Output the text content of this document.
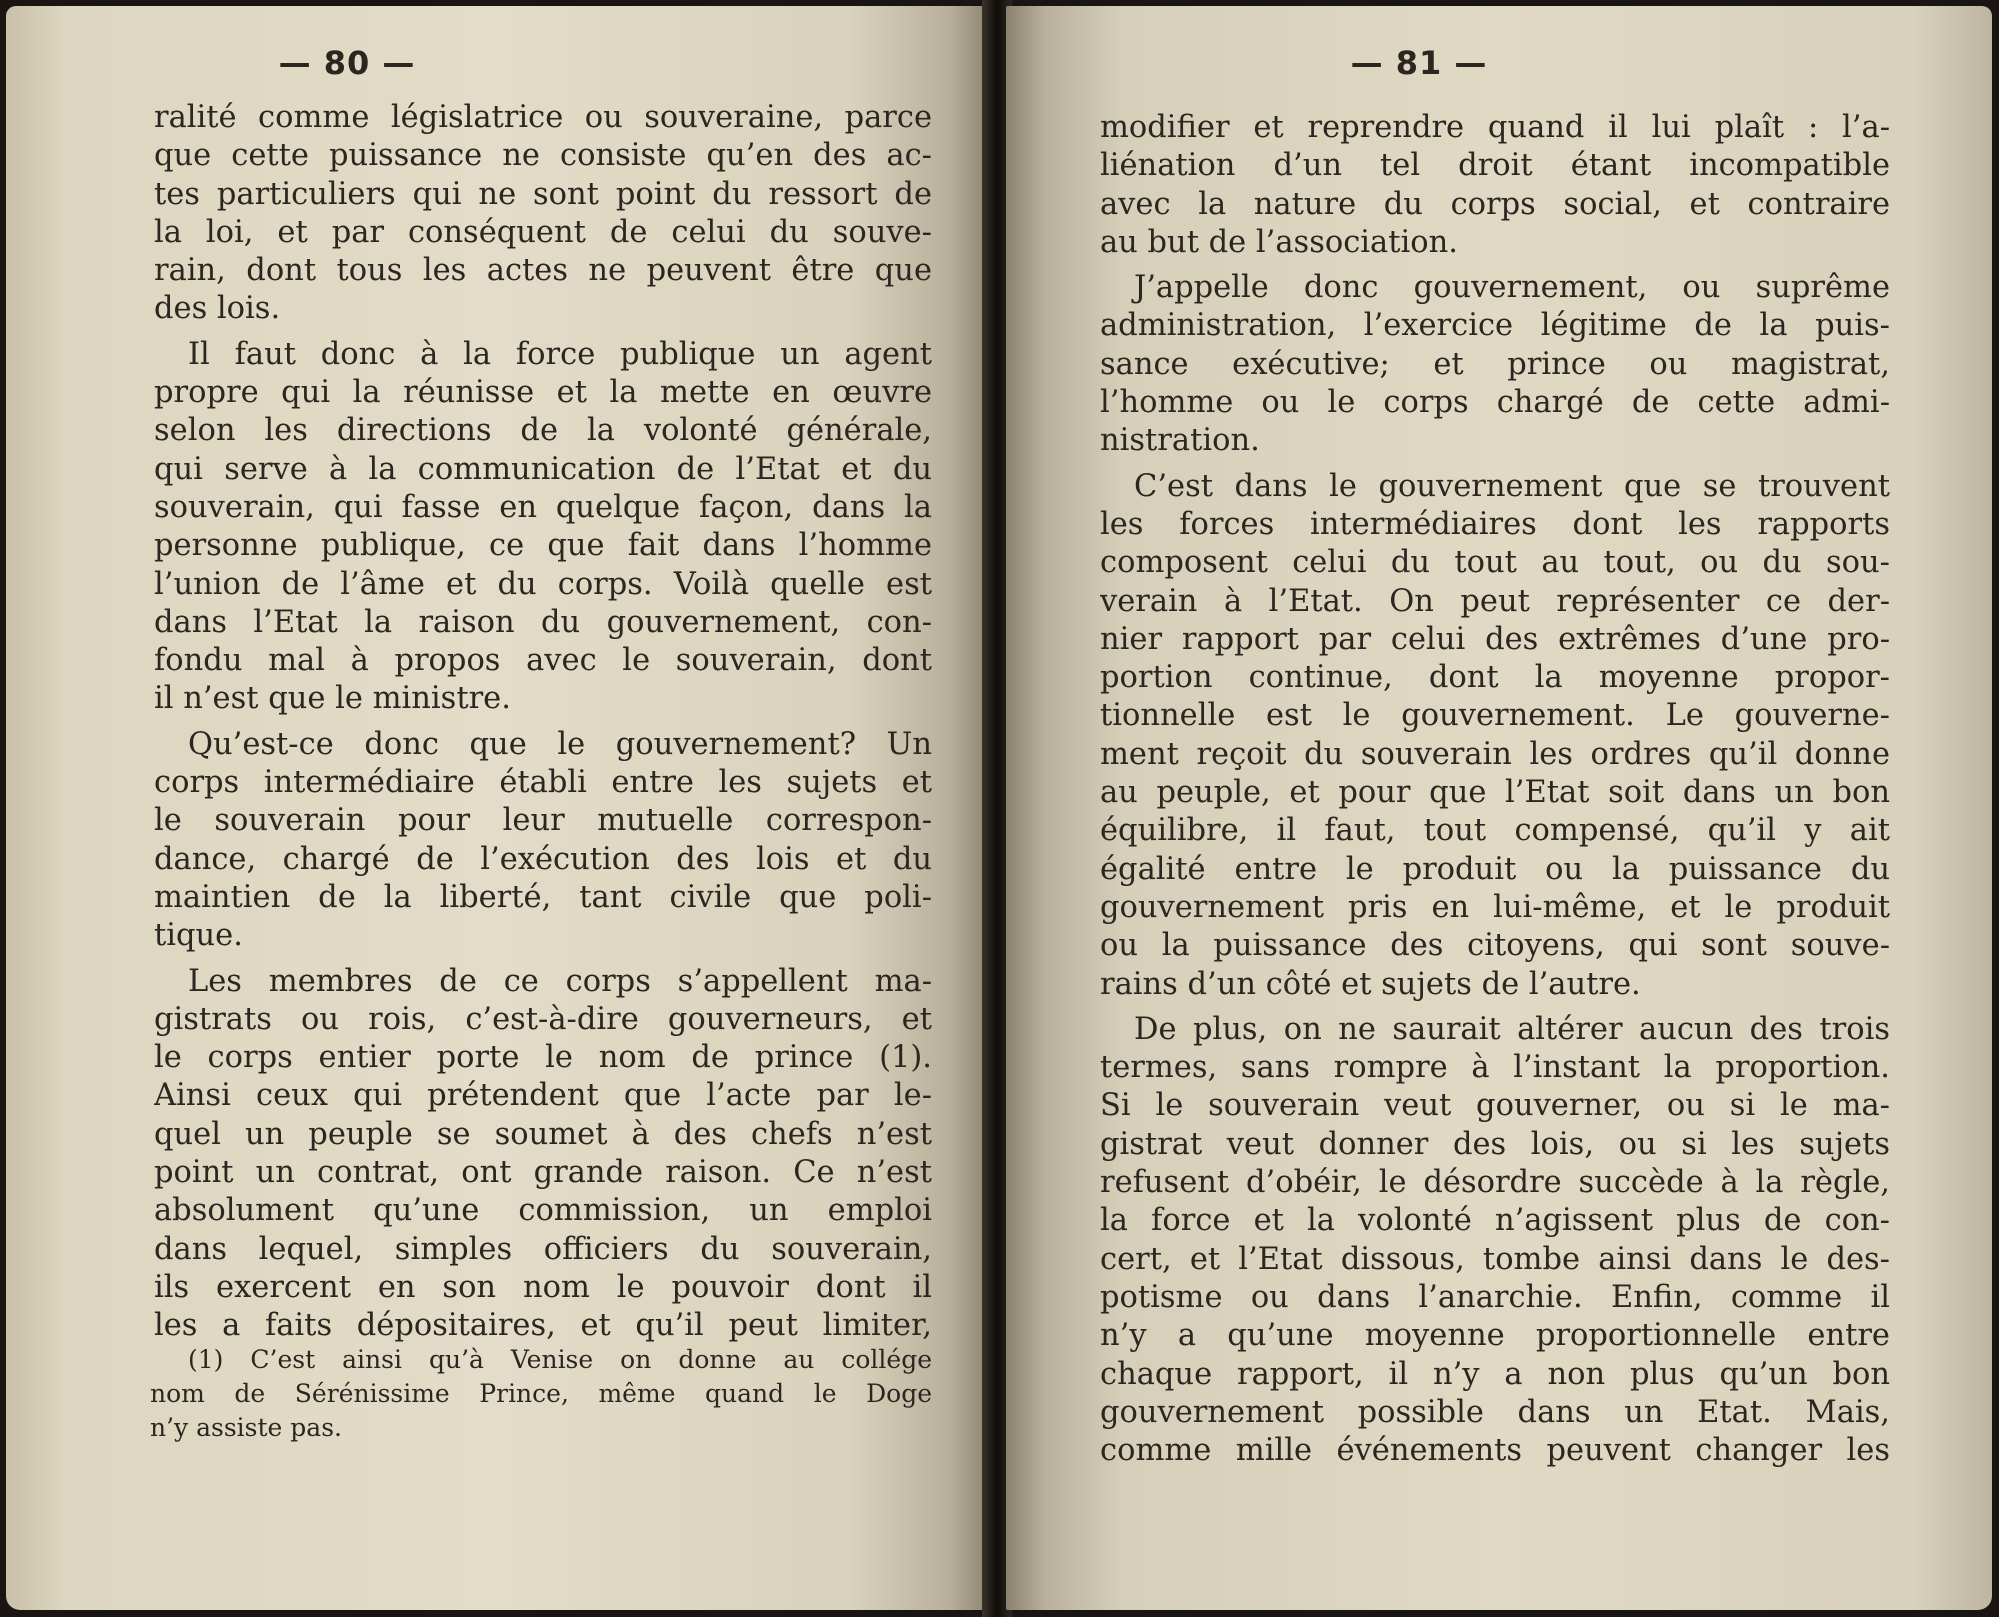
— 80 —
ralité comme législatrice ou souveraine, parce
que cette puissance ne consiste qu’en des ac-
tes particuliers qui ne sont point du ressort de
la loi, et par conséquent de celui du souve-
rain, dont tous les actes ne peuvent être que
des lois.
Il faut donc à la force publique un agent
propre qui la réunisse et la mette en œuvre
selon les directions de la volonté générale,
qui serve à la communication de l’Etat et du
souverain, qui fasse en quelque façon, dans la
personne publique, ce que fait dans l’homme
l’union de l’âme et du corps. Voilà quelle est
dans l’Etat la raison du gouvernement, con-
fondu mal à propos avec le souverain, dont
il n’est que le ministre.
Qu’est-ce donc que le gouvernement? Un
corps intermédiaire établi entre les sujets et
le souverain pour leur mutuelle correspon-
dance, chargé de l’exécution des lois et du
maintien de la liberté, tant civile que poli-
tique.
Les membres de ce corps s’appellent ma-
gistrats ou rois, c’est-à-dire gouverneurs, et
le corps entier porte le nom de prince (1).
Ainsi ceux qui prétendent que l’acte par le-
quel un peuple se soumet à des chefs n’est
point un contrat, ont grande raison. Ce n’est
absolument qu’une commission, un emploi
dans lequel, simples officiers du souverain,
ils exercent en son nom le pouvoir dont il
les a faits dépositaires, et qu’il peut limiter,
(1) C’est ainsi qu’à Venise on donne au collége
nom de Sérénissime Prince, même quand le Doge
n’y assiste pas.
— 81 —
modifier et reprendre quand il lui plaît : l’a-
liénation d’un tel droit étant incompatible
avec la nature du corps social, et contraire
au but de l’association.
J’appelle donc gouvernement, ou suprême
administration, l’exercice légitime de la puis-
sance exécutive; et prince ou magistrat,
l’homme ou le corps chargé de cette admi-
nistration.
C’est dans le gouvernement que se trouvent
les forces intermédiaires dont les rapports
composent celui du tout au tout, ou du sou-
verain à l’Etat. On peut représenter ce der-
nier rapport par celui des extrêmes d’une pro-
portion continue, dont la moyenne propor-
tionnelle est le gouvernement. Le gouverne-
ment reçoit du souverain les ordres qu’il donne
au peuple, et pour que l’Etat soit dans un bon
équilibre, il faut, tout compensé, qu’il y ait
égalité entre le produit ou la puissance du
gouvernement pris en lui-même, et le produit
ou la puissance des citoyens, qui sont souve-
rains d’un côté et sujets de l’autre.
De plus, on ne saurait altérer aucun des trois
termes, sans rompre à l’instant la proportion.
Si le souverain veut gouverner, ou si le ma-
gistrat veut donner des lois, ou si les sujets
refusent d’obéir, le désordre succède à la règle,
la force et la volonté n’agissent plus de con-
cert, et l’Etat dissous, tombe ainsi dans le des-
potisme ou dans l’anarchie. Enfin, comme il
n’y a qu’une moyenne proportionnelle entre
chaque rapport, il n’y a non plus qu’un bon
gouvernement possible dans un Etat. Mais,
comme mille événements peuvent changer les
